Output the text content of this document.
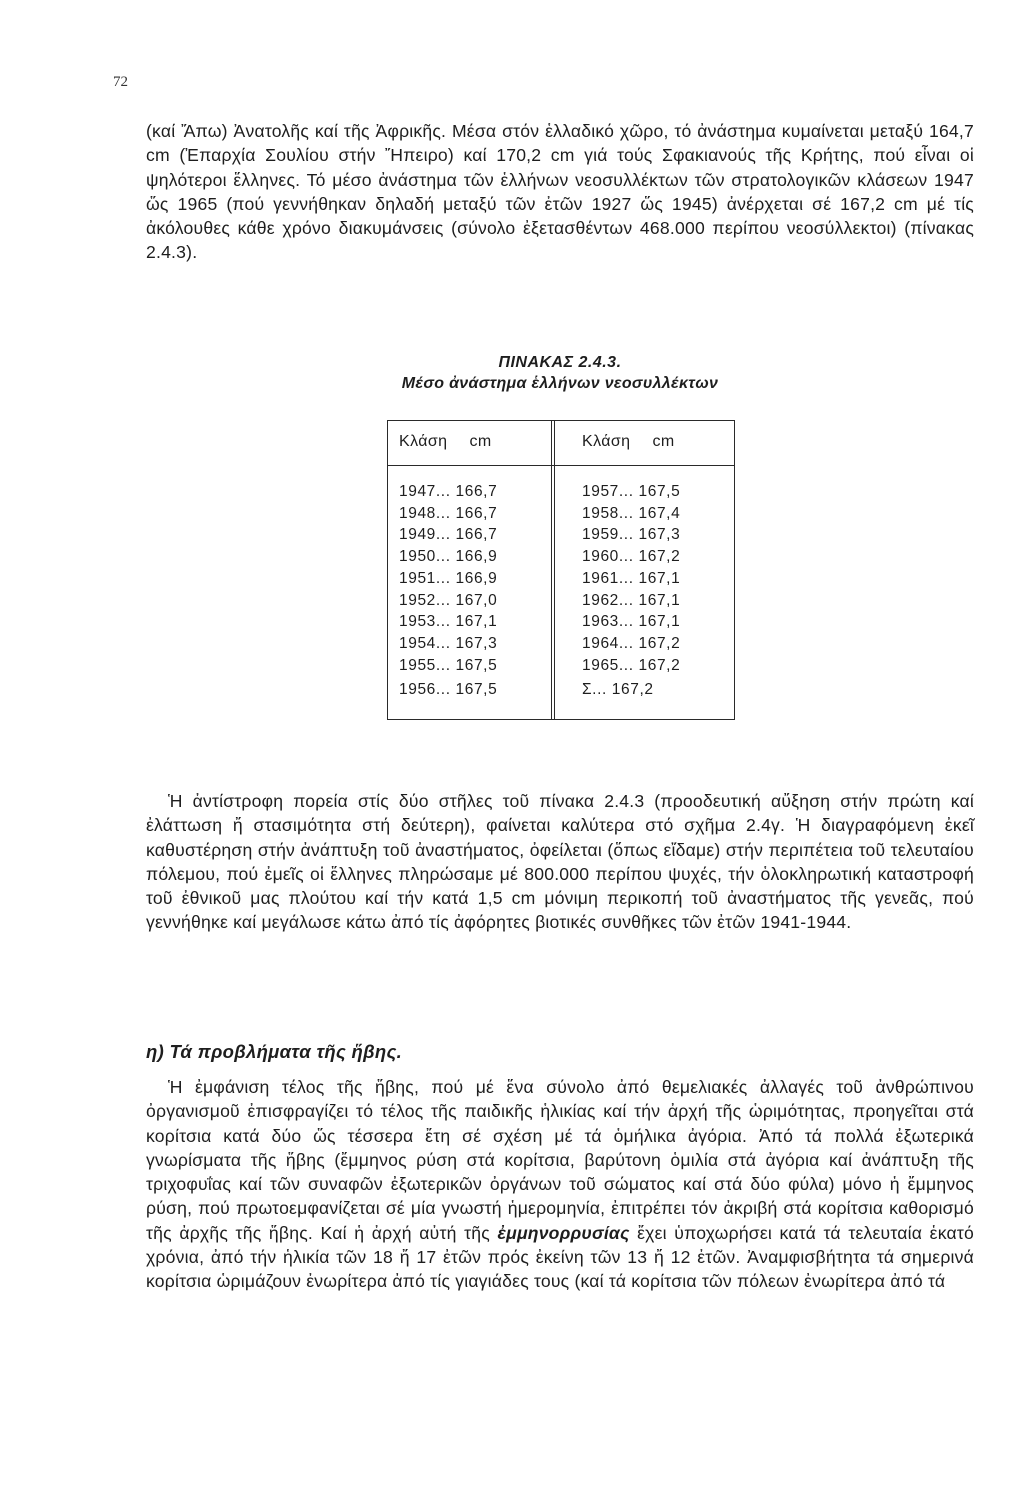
72

(καί Ἄπω) Ἀνατολῆς καί τῆς Ἀφρικῆς. Μέσα στόν ἑλλαδικό χῶρο, τό ἀνάστημα κυμαίνεται μεταξύ 164,7 cm (Ἐπαρχία Σουλίου στήν Ἤπειρο) καί 170,2 cm γιά τούς Σφακιανούς τῆς Κρήτης, πού εἶναι οἱ ψηλότεροι ἕλληνες. Τό μέσο ἀνάστημα τῶν ἑλλήνων νεοσυλλέκτων τῶν στρατολογικῶν κλάσεων 1947 ὥς 1965 (πού γεννήθηκαν δηλαδή μεταξύ τῶν ἐτῶν 1927 ὥς 1945) ἀνέρχεται σέ 167,2 cm μέ τίς ἀκόλουθες κάθε χρόνο διακυμάνσεις (σύνολο ἐξετασθέντων 468.000 περίπου νεοσύλλεκτοι) (πίνακας 2.4.3).

ΠΙΝΑΚΑΣ 2.4.3.

Μέσο ἀνάστημα ἑλλήνων νεοσυλλέκτων

Κλάση cm
1947... 166,7
1948... 166,7
1949... 166,7
1950... 166,9
1951... 166,9
1952... 167,0
1953... 167,1
1954... 167,3
1955... 167,5
1956... 167,5
Κλάση cm
1957... 167,5
1958... 167,4
1959... 167,3
1960... 167,2
1961... 167,1
1962... 167,1
1963... 167,1
1964... 167,2
1965... 167,2
Σ... 167,2

Ἡ ἀντίστροφη πορεία στίς δύο στῆλες τοῦ πίνακα 2.4.3 (προοδευτική αὔξηση στήν πρώτη καί ἐλάττωση ἤ στασιμότητα στή δεύτερη), φαίνεται καλύτερα στό σχῆμα 2.4γ. Ἡ διαγραφόμενη ἐκεῖ καθυστέρηση στήν ἀνάπτυξη τοῦ ἀναστήματος, ὀφείλεται (ὅπως εἴδαμε) στήν περιπέτεια τοῦ τελευταίου πόλεμου, πού ἐμεῖς οἱ ἕλληνες πληρώσαμε μέ 800.000 περίπου ψυχές, τήν ὁλοκληρωτική καταστροφή τοῦ ἐθνικοῦ μας πλούτου καί τήν κατά 1,5 cm μόνιμη περικοπή τοῦ ἀναστήματος τῆς γενεᾶς, πού γεννήθηκε καί μεγάλωσε κάτω ἀπό τίς ἀφόρητες βιοτικές συνθῆκες τῶν ἐτῶν 1941-1944.

η) Τά προβλήματα τῆς ἥβης.

Ἡ ἐμφάνιση τέλος τῆς ἥβης, πού μέ ἕνα σύνολο ἀπό θεμελιακές ἀλλαγές τοῦ ἀνθρώπινου ὀργανισμοῦ ἐπισφραγίζει τό τέλος τῆς παιδικῆς ἡλικίας καί τήν ἀρχή τῆς ὡριμότητας, προηγεῖται στά κορίτσια κατά δύο ὥς τέσσερα ἔτη σέ σχέση μέ τά ὁμήλικα ἀγόρια. Ἀπό τά πολλά ἐξωτερικά γνωρίσματα τῆς ἥβης (ἔμμηνος ρύση στά κορίτσια, βαρύτονη ὁμιλία στά ἀγόρια καί ἀνάπτυξη τῆς τριχοφυΐας καί τῶν συναφῶν ἐξωτερικῶν ὀργάνων τοῦ σώματος καί στά δύο φύλα) μόνο ἡ ἔμμηνος ρύση, πού πρωτοεμφανίζεται σέ μία γνωστή ἡμερομηνία, ἐπιτρέπει τόν ἀκριβή στά κορίτσια καθορισμό τῆς ἀρχῆς τῆς ἥβης. Καί ἡ ἀρχή αὐτή τῆς ἐμμηνορρυσίας ἔχει ὑποχωρήσει κατά τά τελευταία ἑκατό χρόνια, ἀπό τήν ἡλικία τῶν 18 ἤ 17 ἐτῶν πρός ἐκείνη τῶν 13 ἤ 12 ἐτῶν. Ἀναμφισβήτητα τά σημερινά κορίτσια ὡριμάζουν ἐνωρίτερα ἀπό τίς γιαγιάδες τους (καί τά κορίτσια τῶν πόλεων ἐνωρίτερα ἀπό τά
